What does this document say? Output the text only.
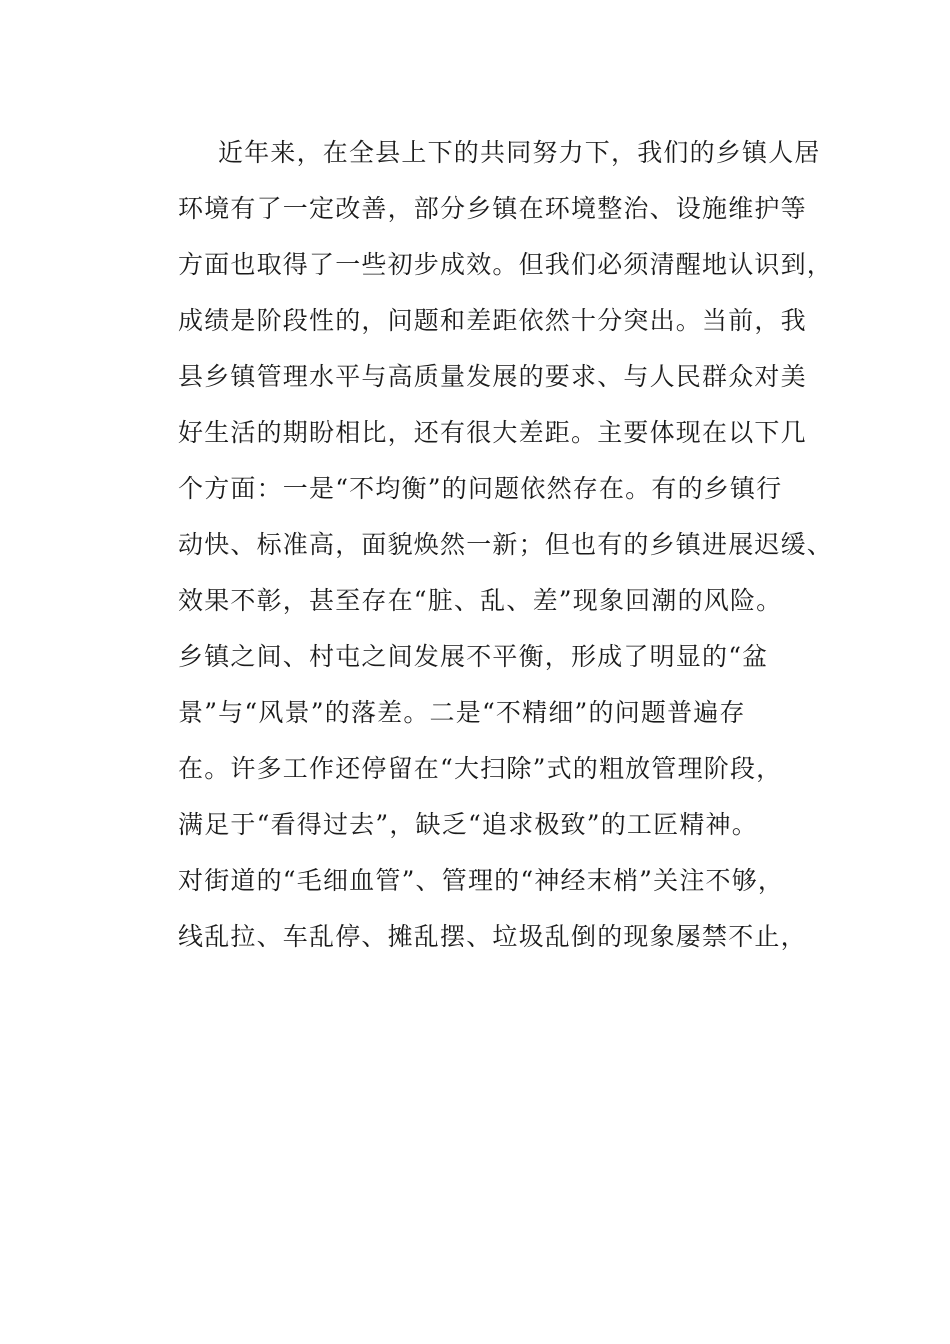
近年来，在全县上下的共同努力下，我们的乡镇人居
环境有了一定改善，部分乡镇在环境整治、设施维护等
方面也取得了一些初步成效。但我们必须清醒地认识到，
成绩是阶段性的，问题和差距依然十分突出。当前，我
县乡镇管理水平与高质量发展的要求、与人民群众对美
好生活的期盼相比，还有很大差距。主要体现在以下几
个方面：一是“不均衡”的问题依然存在。有的乡镇行
动快、标准高，面貌焕然一新；但也有的乡镇进展迟缓、
效果不彰，甚至存在“脏、乱、差”现象回潮的风险。
乡镇之间、村屯之间发展不平衡，形成了明显的“盆
景”与“风景”的落差。二是“不精细”的问题普遍存
在。许多工作还停留在“大扫除”式的粗放管理阶段，
满足于“看得过去”，缺乏“追求极致”的工匠精神。
对街道的“毛细血管”、管理的“神经末梢”关注不够，
线乱拉、车乱停、摊乱摆、垃圾乱倒的现象屡禁不止，
